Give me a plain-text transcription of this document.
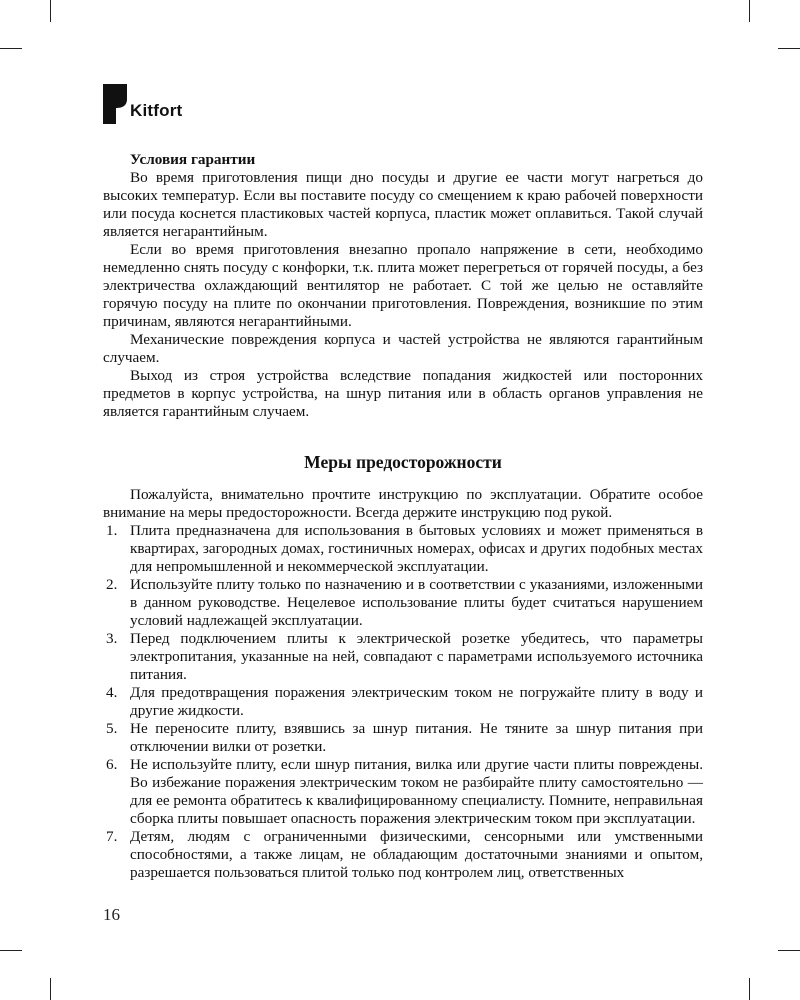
Kitfort

Условия гарантии

Во время приготовления пищи дно посуды и другие ее части могут нагреться до высоких температур. Если вы поставите посуду со смещением к краю рабочей поверхности или посуда коснется пластиковых частей корпуса, пластик может оплавиться. Такой случай является негарантийным.

Если во время приготовления внезапно пропало напряжение в сети, необходимо немедленно снять посуду с конфорки, т.к. плита может перегреться от горячей посуды, а без электричества охлаждающий вентилятор не работает. С той же целью не оставляйте горячую посуду на плите по окончании приготовления. Повреждения, возникшие по этим причинам, являются негарантийными.

Механические повреждения корпуса и частей устройства не являются гарантийным случаем.

Выход из строя устройства вследствие попадания жидкостей или посторонних предметов в корпус устройства, на шнур питания или в область органов управления не является гарантийным случаем.

Меры предосторожности

Пожалуйста, внимательно прочтите инструкцию по эксплуатации. Обратите особое внимание на меры предосторожности. Всегда держите инструкцию под рукой.

1. Плита предназначена для использования в бытовых условиях и может применяться в квартирах, загородных домах, гостиничных номерах, офисах и других подобных местах для непромышленной и некоммерческой эксплуатации.
2. Используйте плиту только по назначению и в соответствии с указаниями, изложенными в данном руководстве. Нецелевое использование плиты будет считаться нарушением условий надлежащей эксплуатации.
3. Перед подключением плиты к электрической розетке убедитесь, что параметры электропитания, указанные на ней, совпадают с параметрами используемого источника питания.
4. Для предотвращения поражения электрическим током не погружайте плиту в воду и другие жидкости.
5. Не переносите плиту, взявшись за шнур питания. Не тяните за шнур питания при отключении вилки от розетки.
6. Не используйте плиту, если шнур питания, вилка или другие части плиты повреждены. Во избежание поражения электрическим током не разбирайте плиту самостоятельно — для ее ремонта обратитесь к квалифицированному специалисту. Помните, неправильная сборка плиты повышает опасность поражения электрическим током при эксплуатации.
7. Детям, людям с ограниченными физическими, сенсорными или умственными способностями, а также лицам, не обладающим достаточными знаниями и опытом, разрешается пользоваться плитой только под контролем лиц, ответственных
16
